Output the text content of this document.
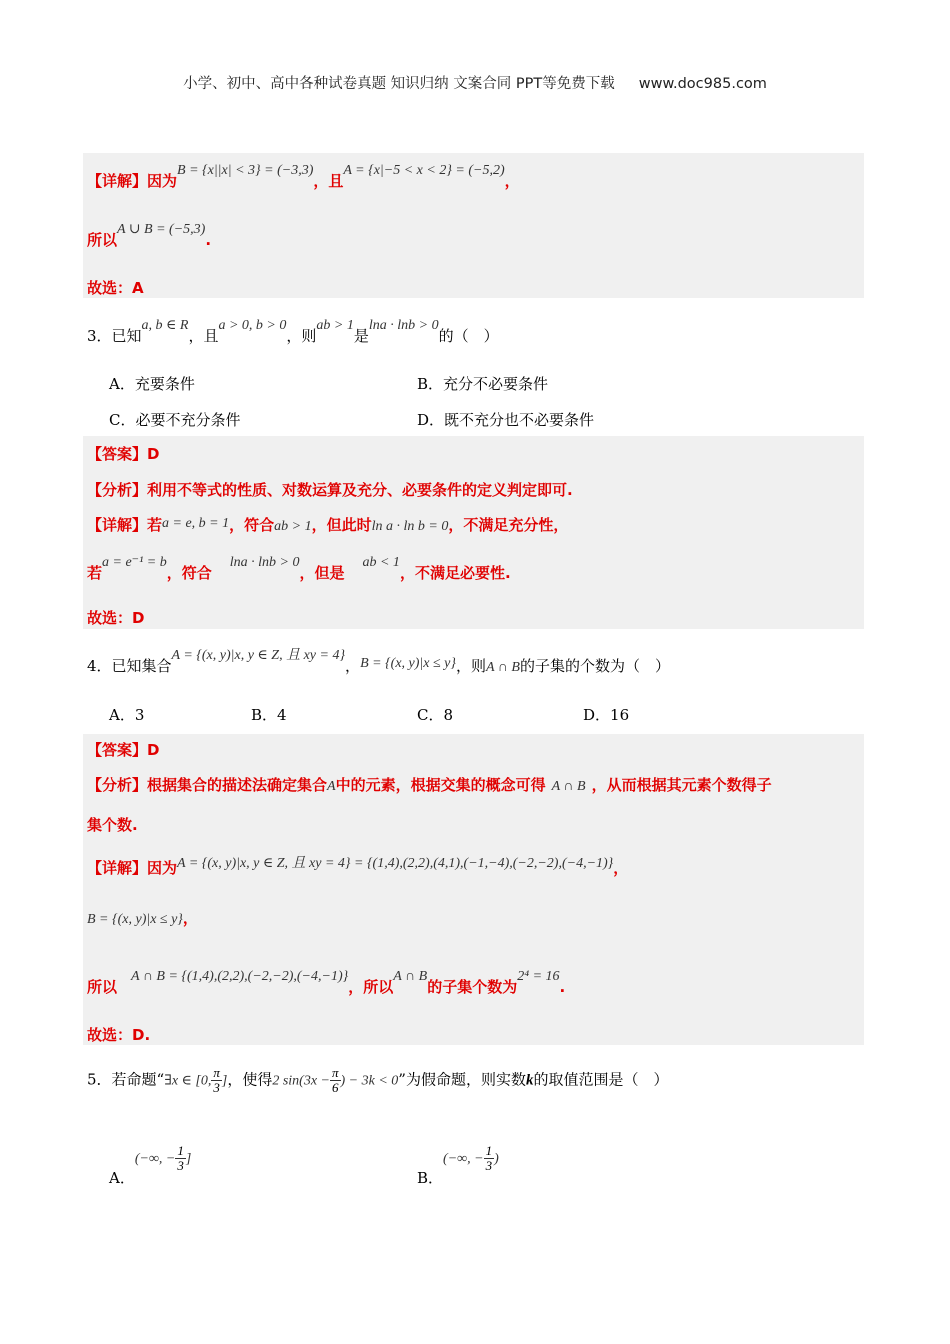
小学、初中、高中各种试卷真题 知识归纳 文案合同 PPT等免费下载 www.doc985.com
【详解】因为B = {x||x| < 3} = (−3,3)，且A = {x|−5 < x < 2} = (−5,2)，
所以A ∪ B = (−5,3).
故选：A
3．已知a, b ∈ R，且a > 0, b > 0，则ab > 1是lna · lnb > 0的（　）
A．充要条件	B．充分不必要条件
C．必要不充分条件	D．既不充分也不必要条件
【答案】D
【分析】利用不等式的性质、对数运算及充分、必要条件的定义判定即可.
【详解】若a = e, b = 1，符合ab > 1，但此时ln a · ln b = 0，不满足充分性，
若a = e⁻¹ = b，符合lna · lnb > 0，但是ab < 1，不满足必要性.
故选：D
4．已知集合A = {(x, y)|x, y ∈ Z, 且 xy = 4}，B = {(x, y)|x ≤ y}，则A ∩ B的子集的个数为（　）
A．3	B．4	C．8	D．16
【答案】D
【分析】根据集合的描述法确定集合A中的元素，根据交集的概念可得 A ∩ B ，从而根据其元素个数得子
集个数.
【详解】因为A = {(x, y)|x, y ∈ Z, 且 xy = 4} = {(1,4),(2,2),(4,1),(−1,−4),(−2,−2),(−4,−1)}，
B = {(x, y)|x ≤ y}，
所以A ∩ B = {(1,4),(2,2),(−2,−2),(−4,−1)}，所以A ∩ B的子集个数为2⁴ = 16.
故选：D.
5．若命题“∃x ∈ [0, $\frac{\pi}{3}$ ]，使得2 $\sin(3x - \frac{\pi}{6}$ ) − 3k < 0”为假命题，则实数k的取值范围是（　）
A．(−∞, − $\frac{1}{3}$ ]
B．(−∞, − $\frac{1}{3}$ )
